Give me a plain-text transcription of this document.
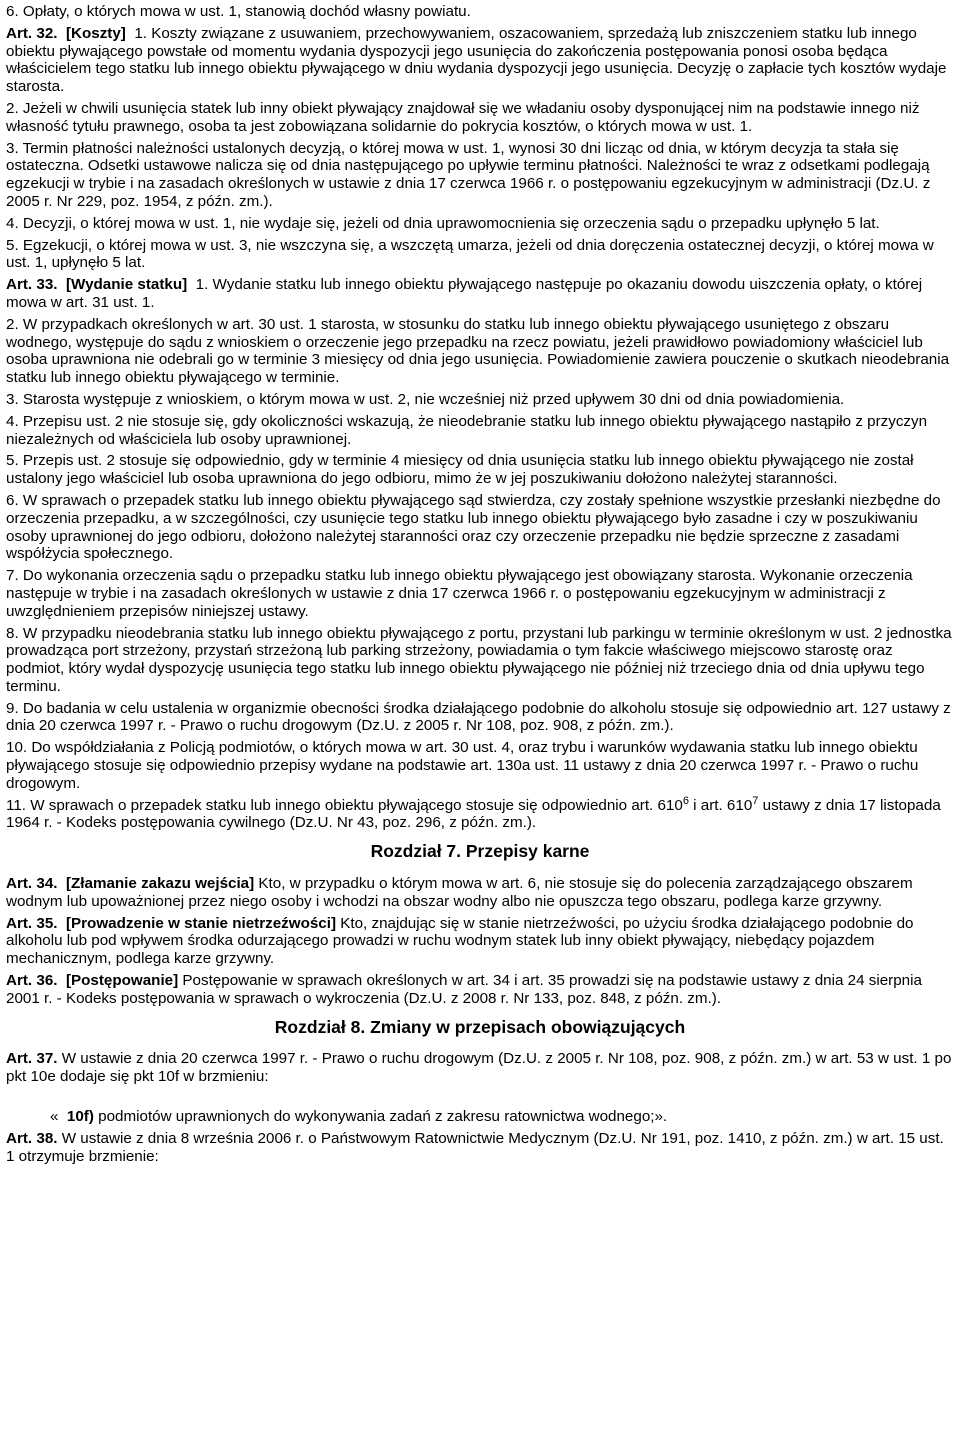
6. Opłaty, o których mowa w ust. 1, stanowią dochód własny powiatu.

Art. 32. [Koszty] 1. Koszty związane z usuwaniem, przechowywaniem, oszacowaniem, sprzedażą lub zniszczeniem statku lub innego obiektu pływającego powstałe od momentu wydania dyspozycji jego usunięcia do zakończenia postępowania ponosi osoba będąca właścicielem tego statku lub innego obiektu pływającego w dniu wydania dyspozycji jego usunięcia. Decyzję o zapłacie tych kosztów wydaje starosta.

2. Jeżeli w chwili usunięcia statek lub inny obiekt pływający znajdował się we władaniu osoby dysponującej nim na podstawie innego niż własność tytułu prawnego, osoba ta jest zobowiązana solidarnie do pokrycia kosztów, o których mowa w ust. 1.

3. Termin płatności należności ustalonych decyzją, o której mowa w ust. 1, wynosi 30 dni licząc od dnia, w którym decyzja ta stała się ostateczna. Odsetki ustawowe nalicza się od dnia następującego po upływie terminu płatności. Należności te wraz z odsetkami podlegają egzekucji w trybie i na zasadach określonych w ustawie z dnia 17 czerwca 1966 r. o postępowaniu egzekucyjnym w administracji (Dz.U. z 2005 r. Nr 229, poz. 1954, z późn. zm.).

4. Decyzji, o której mowa w ust. 1, nie wydaje się, jeżeli od dnia uprawomocnienia się orzeczenia sądu o przepadku upłynęło 5 lat.

5. Egzekucji, o której mowa w ust. 3, nie wszczyna się, a wszczętą umarza, jeżeli od dnia doręczenia ostatecznej decyzji, o której mowa w ust. 1, upłynęło 5 lat.

Art. 33. [Wydanie statku] 1. Wydanie statku lub innego obiektu pływającego następuje po okazaniu dowodu uiszczenia opłaty, o której mowa w art. 31 ust. 1.

2. W przypadkach określonych w art. 30 ust. 1 starosta, w stosunku do statku lub innego obiektu pływającego usuniętego z obszaru wodnego, występuje do sądu z wnioskiem o orzeczenie jego przepadku na rzecz powiatu, jeżeli prawidłowo powiadomiony właściciel lub osoba uprawniona nie odebrali go w terminie 3 miesięcy od dnia jego usunięcia. Powiadomienie zawiera pouczenie o skutkach nieodebrania statku lub innego obiektu pływającego w terminie.

3. Starosta występuje z wnioskiem, o którym mowa w ust. 2, nie wcześniej niż przed upływem 30 dni od dnia powiadomienia.

4. Przepisu ust. 2 nie stosuje się, gdy okoliczności wskazują, że nieodebranie statku lub innego obiektu pływającego nastąpiło z przyczyn niezależnych od właściciela lub osoby uprawnionej.

5. Przepis ust. 2 stosuje się odpowiednio, gdy w terminie 4 miesięcy od dnia usunięcia statku lub innego obiektu pływającego nie został ustalony jego właściciel lub osoba uprawniona do jego odbioru, mimo że w jej poszukiwaniu dołożono należytej staranności.

6. W sprawach o przepadek statku lub innego obiektu pływającego sąd stwierdza, czy zostały spełnione wszystkie przesłanki niezbędne do orzeczenia przepadku, a w szczególności, czy usunięcie tego statku lub innego obiektu pływającego było zasadne i czy w poszukiwaniu osoby uprawnionej do jego odbioru, dołożono należytej staranności oraz czy orzeczenie przepadku nie będzie sprzeczne z zasadami współżycia społecznego.

7. Do wykonania orzeczenia sądu o przepadku statku lub innego obiektu pływającego jest obowiązany starosta. Wykonanie orzeczenia następuje w trybie i na zasadach określonych w ustawie z dnia 17 czerwca 1966 r. o postępowaniu egzekucyjnym w administracji z uwzględnieniem przepisów niniejszej ustawy.

8. W przypadku nieodebrania statku lub innego obiektu pływającego z portu, przystani lub parkingu w terminie określonym w ust. 2 jednostka prowadząca port strzeżony, przystań strzeżoną lub parking strzeżony, powiadamia o tym fakcie właściwego miejscowo starostę oraz podmiot, który wydał dyspozycję usunięcia tego statku lub innego obiektu pływającego nie później niż trzeciego dnia od dnia upływu tego terminu.

9. Do badania w celu ustalenia w organizmie obecności środka działającego podobnie do alkoholu stosuje się odpowiednio art. 127 ustawy z dnia 20 czerwca 1997 r. - Prawo o ruchu drogowym (Dz.U. z 2005 r. Nr 108, poz. 908, z późn. zm.).

10. Do współdziałania z Policją podmiotów, o których mowa w art. 30 ust. 4, oraz trybu i warunków wydawania statku lub innego obiektu pływającego stosuje się odpowiednio przepisy wydane na podstawie art. 130a ust. 11 ustawy z dnia 20 czerwca 1997 r. - Prawo o ruchu drogowym.

11. W sprawach o przepadek statku lub innego obiektu pływającego stosuje się odpowiednio art. $610^6$ i art. $610^7$ ustawy z dnia 17 listopada 1964 r. - Kodeks postępowania cywilnego (Dz.U. Nr 43, poz. 296, z późn. zm.).

Rozdział 7. Przepisy karne

Art. 34. [Złamanie zakazu wejścia] Kto, w przypadku o którym mowa w art. 6, nie stosuje się do polecenia zarządzającego obszarem wodnym lub upoważnionej przez niego osoby i wchodzi na obszar wodny albo nie opuszcza tego obszaru, podlega karze grzywny.

Art. 35. [Prowadzenie w stanie nietrzeźwości] Kto, znajdując się w stanie nietrzeźwości, po użyciu środka działającego podobnie do alkoholu lub pod wpływem środka odurzającego prowadzi w ruchu wodnym statek lub inny obiekt pływający, niebędący pojazdem mechanicznym, podlega karze grzywny.

Art. 36. [Postępowanie] Postępowanie w sprawach określonych w art. 34 i art. 35 prowadzi się na podstawie ustawy z dnia 24 sierpnia 2001 r. - Kodeks postępowania w sprawach o wykroczenia (Dz.U. z 2008 r. Nr 133, poz. 848, z późn. zm.).

Rozdział 8. Zmiany w przepisach obowiązujących

Art. 37. W ustawie z dnia 20 czerwca 1997 r. - Prawo o ruchu drogowym (Dz.U. z 2005 r. Nr 108, poz. 908, z późn. zm.) w art. 53 w ust. 1 po pkt 10e dodaje się pkt 10f w brzmieniu:

« 10f) podmiotów uprawnionych do wykonywania zadań z zakresu ratownictwa wodnego;».

Art. 38. W ustawie z dnia 8 września 2006 r. o Państwowym Ratownictwie Medycznym (Dz.U. Nr 191, poz. 1410, z późn. zm.) w art. 15 ust. 1 otrzymuje brzmienie:
